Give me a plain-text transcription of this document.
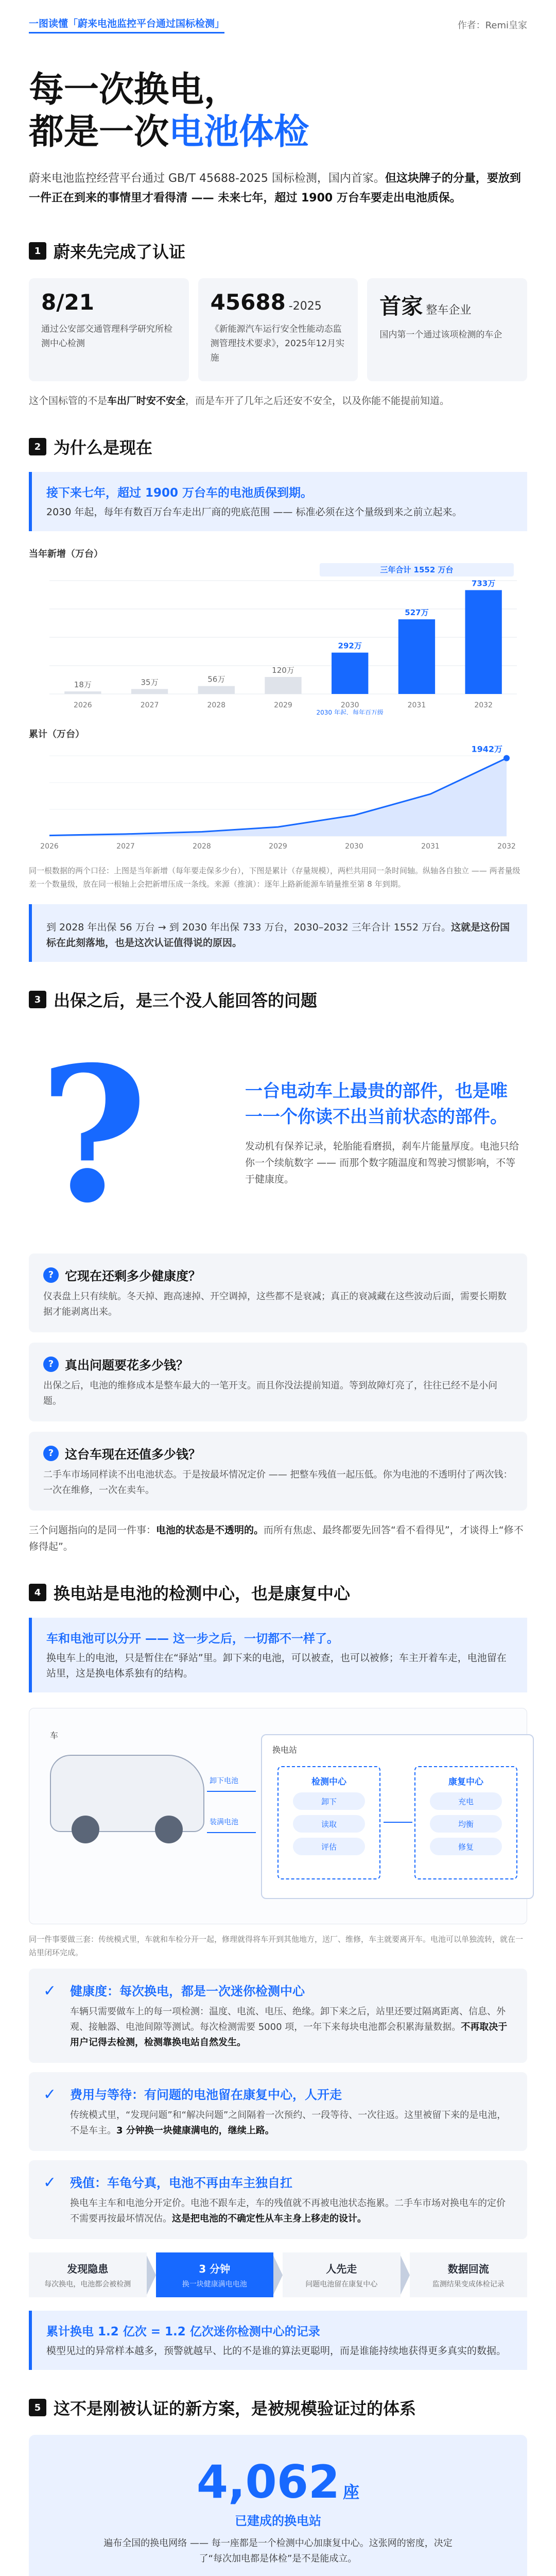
一图读懂「蔚来电池监控平台通过国标检测」	作者：Remi皇家
每一次换电，
都是一次电池体检

蔚来电池监控经营平台通过 GB/T 45688-2025 国标检测，国内首家。但这块牌子的分量，要放到一件正在到来的事情里才看得清 —— 未来七年，超过 1900 万台车要走出电池质保。

1 蔚来先完成了认证
8/21
通过公安部交通管理科学研究所检测中心检测
45688 -2025
《新能源汽车运行安全性能动态监测管理技术要求》，2025年12月实施
首家 整车企业
国内第一个通过该项检测的车企

这个国标管的不是车出厂时安不安全，而是车开了几年之后还安不安全，以及你能不能提前知道。

2 为什么是现在
接下来七年，超过 1900 万台车的电池质保到期。
2030 年起，每年有数百万台车走出厂商的兜底范围 —— 标准必须在这个量级到来之前立起来。
当年新增（万台）
18万
2026
35万
2027
56万
2028
120万
2029
292万
2030
527万
2031
733万
2032
三年合计 1552 万台
2030 年起，每年百万级
累计（万台）
2026	2027	2028	2029	2030	2031	2032
1942万

同一根数据的两个口径：上图是当年新增（每年要走保多少台），下图是累计（存量规模），两栏共用同一条时间轴。纵轴各自独立 —— 两者量级差一个数量级，放在同一根轴上会把新增压成一条线。来源（推演）：逐年上路新能源车销量推至第 8 年到期。

到 2028 年出保 56 万台 → 到 2030 年出保 733 万台，2030–2032 三年合计 1552 万台。这就是这份国标在此刻落地，也是这次认证值得说的原因。
3 出保之后，是三个没人能回答的问题
?	一台电动车上最贵的部件，也是唯一一个你读不出当前状态的部件。
发动机有保养记录，轮胎能看磨损，刹车片能量厚度。电池只给你一个续航数字 —— 而那个数字随温度和驾驶习惯影响，不等于健康度。
? 它现在还剩多少健康度？
仪表盘上只有续航。冬天掉、跑高速掉、开空调掉，这些都不是衰减；真正的衰减藏在这些波动后面，需要长期数据才能剥离出来。
? 真出问题要花多少钱？
出保之后，电池的维修成本是整车最大的一笔开支。而且你没法提前知道。等到故障灯亮了，往往已经不是小问题。
? 这台车现在还值多少钱？
二手车市场同样读不出电池状态。于是按最坏情况定价 —— 把整车残值一起压低。你为电池的不透明付了两次钱：一次在维修，一次在卖车。

三个问题指向的是同一件事：电池的状态是不透明的。而所有焦虑、最终都要先回答“看不看得见”，才谈得上“修不修得起”。

4 换电站是电池的检测中心，也是康复中心
车和电池可以分开 —— 这一步之后，一切都不一样了。
换电车上的电池，只是暂住在“驿站”里。卸下来的电池，可以被查，也可以被修；车主开着车走，电池留在站里，这是换电体系独有的结构。
车
卸下电池
装满电池
换电站
检测中心
卸下
读取
评估
康复中心
充电
均衡
修复

同一件事要做三套：传统模式里，车就和车检分开一起，修理就得将车开到其他地方，送厂、维修，车主就要离开车。电池可以单独流转，就在一站里闭环完成。

✓ 健康度：每次换电，都是一次迷你检测中心
车辆只需要做车上的每一项检测：温度、电流、电压、绝缘。卸下来之后，站里还要过隔离距离、信息、外观、接触器、电池间隙等测试。每次检测需要 5000 项，一年下来每块电池都会积累海量数据。不再取决于用户记得去检测，检测靠换电站自然发生。
✓ 费用与等待：有问题的电池留在康复中心，人开走
传统模式里，“发现问题”和“解决问题”之间隔着一次预约、一段等待、一次往返。这里被留下来的是电池，不是车主。3 分钟换一块健康满电的，继续上路。
✓ 残值：车龟兮真，电池不再由车主独自扛
换电车主车和电池分开定价。电池不跟车走，车的残值就不再被电池状态拖累。二手车市场对换电车的定价不需要再按最坏情况估。这是把电池的不确定性从车主身上移走的设计。
发现隐患
每次换电，电池都会被检测
3 分钟
换一块健康满电电池
人先走
问题电池留在康复中心
数据回流
监测结果变成体检记录
累计换电 1.2 亿次 = 1.2 亿次迷你检测中心的记录
模型见过的异常样本越多，预警就越早、比的不是谁的算法更聪明，而是谁能持续地获得更多真实的数据。
5 这不是刚被认证的新方案，是被规模验证过的体系
4,062 座
已建成的换电站
遍布全国的换电网络 —— 每一座都是一个检测中心加康复中心。这张网的密度，决定了“每次加电都是体检”是不是能成立。
